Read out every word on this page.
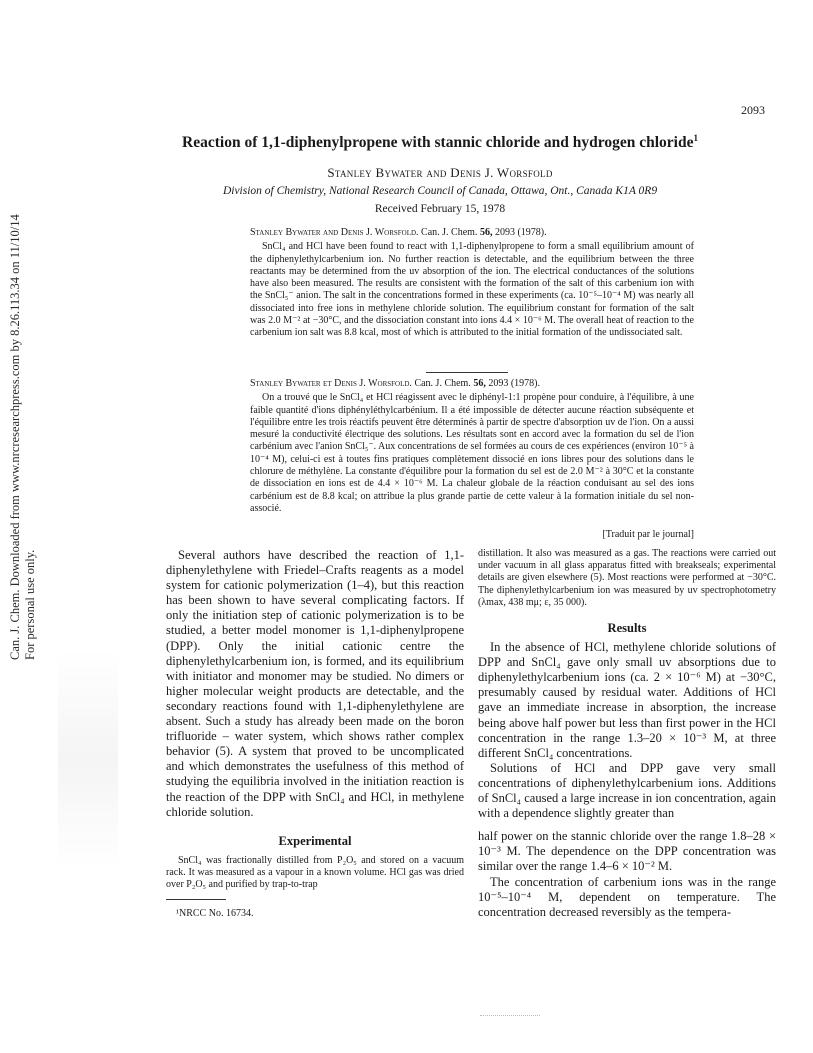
2093
Can. J. Chem. Downloaded from www.nrcresearchpress.com by 8.26.113.34 on 11/10/14
For personal use only.
Reaction of 1,1-diphenylpropene with stannic chloride and hydrogen chloride$^1$
Stanley Bywater and Denis J. Worsfold
Division of Chemistry, National Research Council of Canada, Ottawa, Ont., Canada K1A 0R9
Received February 15, 1978

Stanley Bywater and Denis J. Worsfold. Can. J. Chem. 56, 2093 (1978).

SnCl₄ and HCl have been found to react with 1,1-diphenylpropene to form a small equilibrium amount of the diphenylethylcarbenium ion. No further reaction is detectable, and the equilibrium between the three reactants may be determined from the uv absorption of the ion. The electrical conductances of the solutions have also been measured. The results are consistent with the formation of the salt of this carbenium ion with the SnCl₅⁻ anion. The salt in the concentrations formed in these experiments (ca. 10⁻⁵–10⁻⁴ M) was nearly all dissociated into free ions in methylene chloride solution. The equilibrium constant for formation of the salt was 2.0 M⁻² at −30°C, and the dissociation constant into ions 4.4 × 10⁻⁶ M. The overall heat of reaction to the carbenium ion salt was 8.8 kcal, most of which is attributed to the initial formation of the undissociated salt.

Stanley Bywater et Denis J. Worsfold. Can. J. Chem. 56, 2093 (1978).

On a trouvé que le SnCl₄ et HCl réagissent avec le diphényl-1:1 propène pour conduire, à l'équilibre, à une faible quantité d'ions diphényléthylcarbénium. Il a été impossible de détecter aucune réaction subséquente et l'équilibre entre les trois réactifs peuvent être déterminés à partir de spectre d'absorption uv de l'ion. On a aussi mesuré la conductivité électrique des solutions. Les résultats sont en accord avec la formation du sel de l'ion carbénium avec l'anion SnCl₅⁻. Aux concentrations de sel formées au cours de ces expériences (environ 10⁻⁵ à 10⁻⁴ M), celui-ci est à toutes fins pratiques complètement dissocié en ions libres pour des solutions dans le chlorure de méthylène. La constante d'équilibre pour la formation du sel est de 2.0 M⁻² à 30°C et la constante de dissociation en ions est de 4.4 × 10⁻⁶ M. La chaleur globale de la réaction conduisant au sel des ions carbénium est de 8.8 kcal; on attribue la plus grande partie de cette valeur à la formation initiale du sel non-associé.

[Traduit par le journal]

Several authors have described the reaction of 1,1-diphenylethylene with Friedel–Crafts reagents as a model system for cationic polymerization (1–4), but this reaction has been shown to have several complicating factors. If only the initiation step of cationic polymerization is to be studied, a better model monomer is 1,1-diphenylpropene (DPP). Only the initial cationic centre the diphenylethylcarbenium ion, is formed, and its equilibrium with initiator and monomer may be studied. No dimers or higher molecular weight products are detectable, and the secondary reactions found with 1,1-diphenylethylene are absent. Such a study has already been made on the boron trifluoride – water system, which shows rather complex behavior (5). A system that proved to be uncomplicated and which demonstrates the usefulness of this method of studying the equilibria involved in the initiation reaction is the reaction of the DPP with SnCl₄ and HCl, in methylene chloride solution.

Experimental

SnCl₄ was fractionally distilled from P₂O₅ and stored on a vacuum rack. It was measured as a vapour in a known volume. HCl gas was dried over P₂O₅ and purified by trap-to-trap

¹NRCC No. 16734.

distillation. It also was measured as a gas. The reactions were carried out under vacuum in all glass apparatus fitted with breakseals; experimental details are given elsewhere (5). Most reactions were performed at −30°C. The diphenylethylcarbenium ion was measured by uv spectrophotometry (λmax, 438 mμ; ε, 35 000).

Results

In the absence of HCl, methylene chloride solutions of DPP and SnCl₄ gave only small uv absorptions due to diphenylethylcarbenium ions (ca. 2 × 10⁻⁶ M) at −30°C, presumably caused by residual water. Additions of HCl gave an immediate increase in absorption, the increase being above half power but less than first power in the HCl concentration in the range 1.3–20 × 10⁻³ M, at three different SnCl₄ concentrations.

Solutions of HCl and DPP gave very small concentrations of diphenylethylcarbenium ions. Additions of SnCl₄ caused a large increase in ion concentration, again with a dependence slightly greater than

half power on the stannic chloride over the range 1.8–28 × 10⁻³ M. The dependence on the DPP concentration was similar over the range 1.4–6 × 10⁻² M.

The concentration of carbenium ions was in the range 10⁻⁵–10⁻⁴ M, dependent on temperature. The concentration decreased reversibly as the tempera-
